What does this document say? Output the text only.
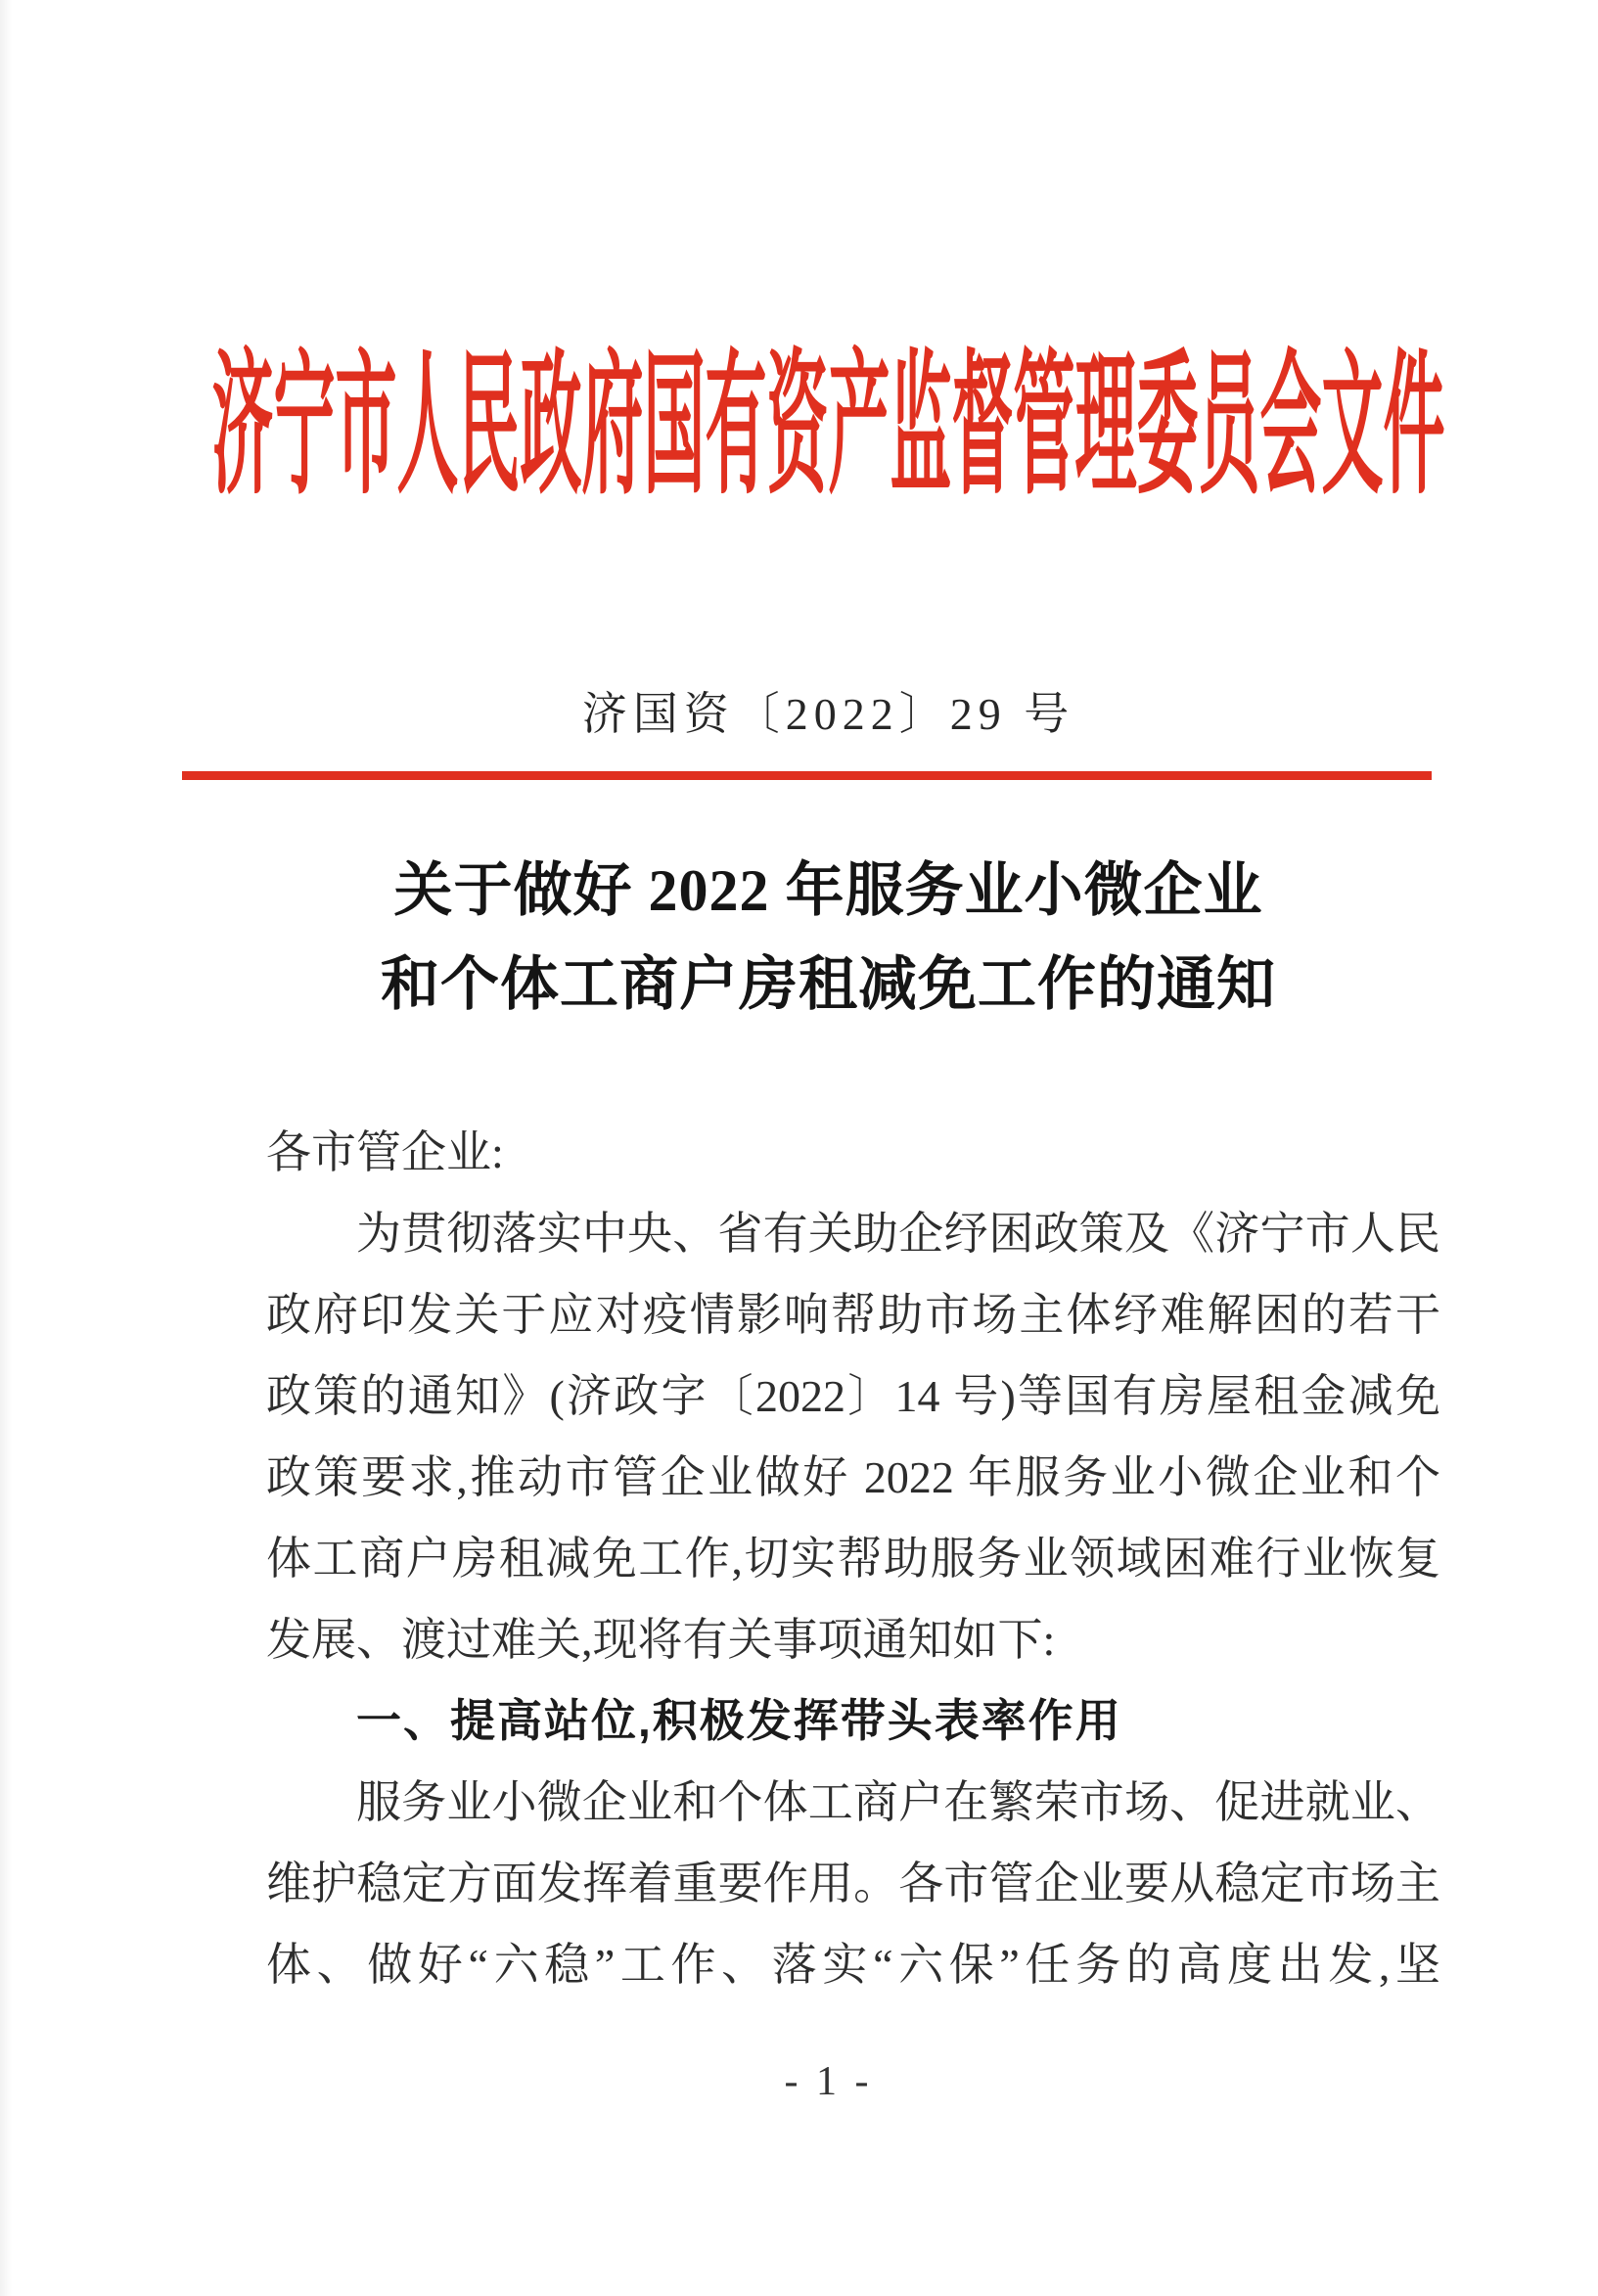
济宁市人民政府国有资产监督管理委员会文件
济国资〔2022〕29 号
关于做好 2022 年服务业小微企业
和个体工商户房租减免工作的通知
各市管企业:
为贯彻落实中央、省有关助企纾困政策及《济宁市人民
政府印发关于应对疫情影响帮助市场主体纾难解困的若干
政策的通知》(济政字〔2022〕14 号)等国有房屋租金减免
政策要求,推动市管企业做好 2022 年服务业小微企业和个
体工商户房租减免工作,切实帮助服务业领域困难行业恢复
发展、渡过难关,现将有关事项通知如下:
一、提高站位,积极发挥带头表率作用
服务业小微企业和个体工商户在繁荣市场、促进就业、
维护稳定方面发挥着重要作用。各市管企业要从稳定市场主
体、做好“六稳”工作、落实“六保”任务的高度出发,坚
- 1 -
